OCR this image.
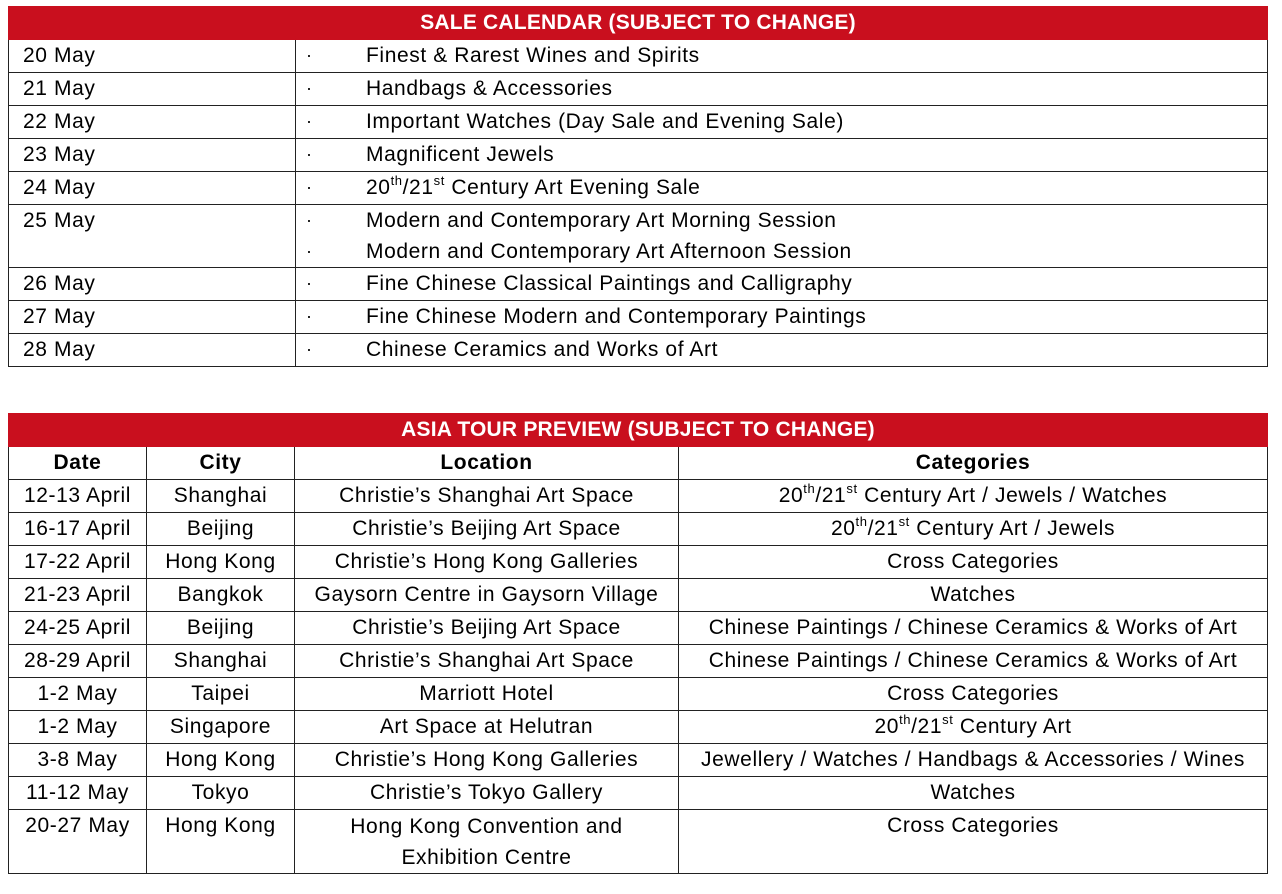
SALE CALENDAR (SUBJECT TO CHANGE)	
20 May	· Finest & Rarest Wines and Spirits

21 May	· Handbags & Accessories

22 May	· Important Watches (Day Sale and Evening Sale)

23 May	· Magnificent Jewels

24 May	· 20th/21st Century Art Evening Sale

25 May	· Modern and Contemporary Art Morning Session
· Modern and Contemporary Art Afternoon Session

26 May	· Fine Chinese Classical Paintings and Calligraphy

27 May	· Fine Chinese Modern and Contemporary Paintings

28 May	· Chinese Ceramics and Works of Art
ASIA TOUR PREVIEW (SUBJECT TO CHANGE)			
Date	City	Location	Categories
12-13 April	Shanghai	Christie’s Shanghai Art Space	20th/21st Century Art / Jewels / Watches
16-17 April	Beijing	Christie’s Beijing Art Space	20th/21st Century Art / Jewels
17-22 April	Hong Kong	Christie’s Hong Kong Galleries	Cross Categories
21-23 April	Bangkok	Gaysorn Centre in Gaysorn Village	Watches
24-25 April	Beijing	Christie’s Beijing Art Space	Chinese Paintings / Chinese Ceramics & Works of Art
28-29 April	Shanghai	Christie’s Shanghai Art Space	Chinese Paintings / Chinese Ceramics & Works of Art
1-2 May	Taipei	Marriott Hotel	Cross Categories
1-2 May	Singapore	Art Space at Helutran	20th/21st Century Art
3-8 May	Hong Kong	Christie’s Hong Kong Galleries	Jewellery / Watches / Handbags & Accessories / Wines
11-12 May	Tokyo	Christie’s Tokyo Gallery	Watches
20-27 May	Hong Kong	Hong Kong Convention and Exhibition Centre	Cross Categories
